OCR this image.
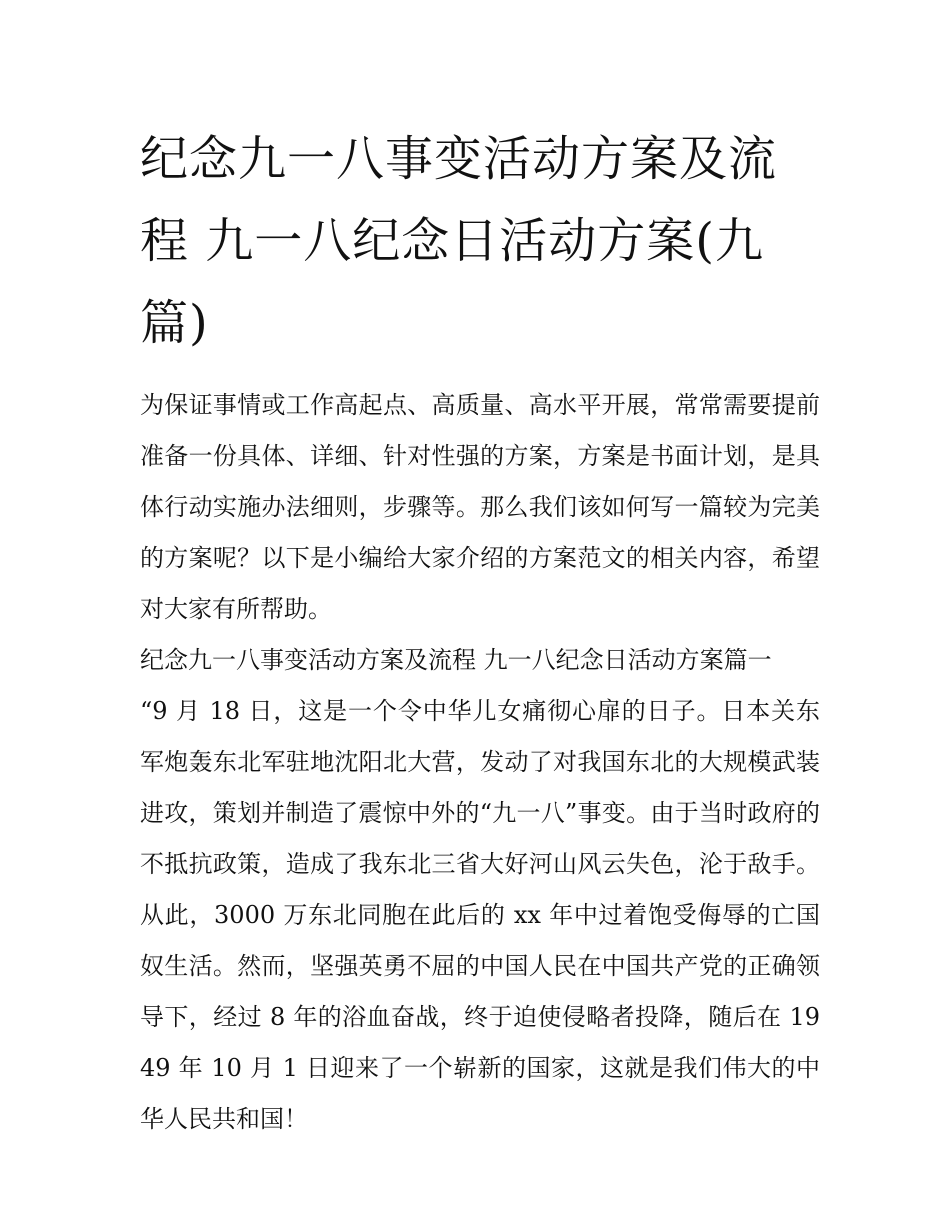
纪念九一八事变活动方案及流程 九一八纪念日活动方案(九篇)

为保证事情或工作高起点、高质量、高水平开展，常常需要提前准备一份具体、详细、针对性强的方案，方案是书面计划，是具体行动实施办法细则，步骤等。那么我们该如何写一篇较为完美的方案呢？以下是小编给大家介绍的方案范文的相关内容，希望对大家有所帮助。

纪念九一八事变活动方案及流程 九一八纪念日活动方案篇一

“9 月 18 日，这是一个令中华儿女痛彻心扉的日子。日本关东军炮轰东北军驻地沈阳北大营，发动了对我国东北的大规模武装进攻，策划并制造了震惊中外的“九一八”事变。由于当时政府的不抵抗政策，造成了我东北三省大好河山风云失色，沦于敌手。从此，3000 万东北同胞在此后的 xx 年中过着饱受侮辱的亡国奴生活。然而，坚强英勇不屈的中国人民在中国共产党的正确领导下，经过 8 年的浴血奋战，终于迫使侵略者投降，随后在 1949 年 10 月 1 日迎来了一个崭新的国家，这就是我们伟大的中华人民共和国！
